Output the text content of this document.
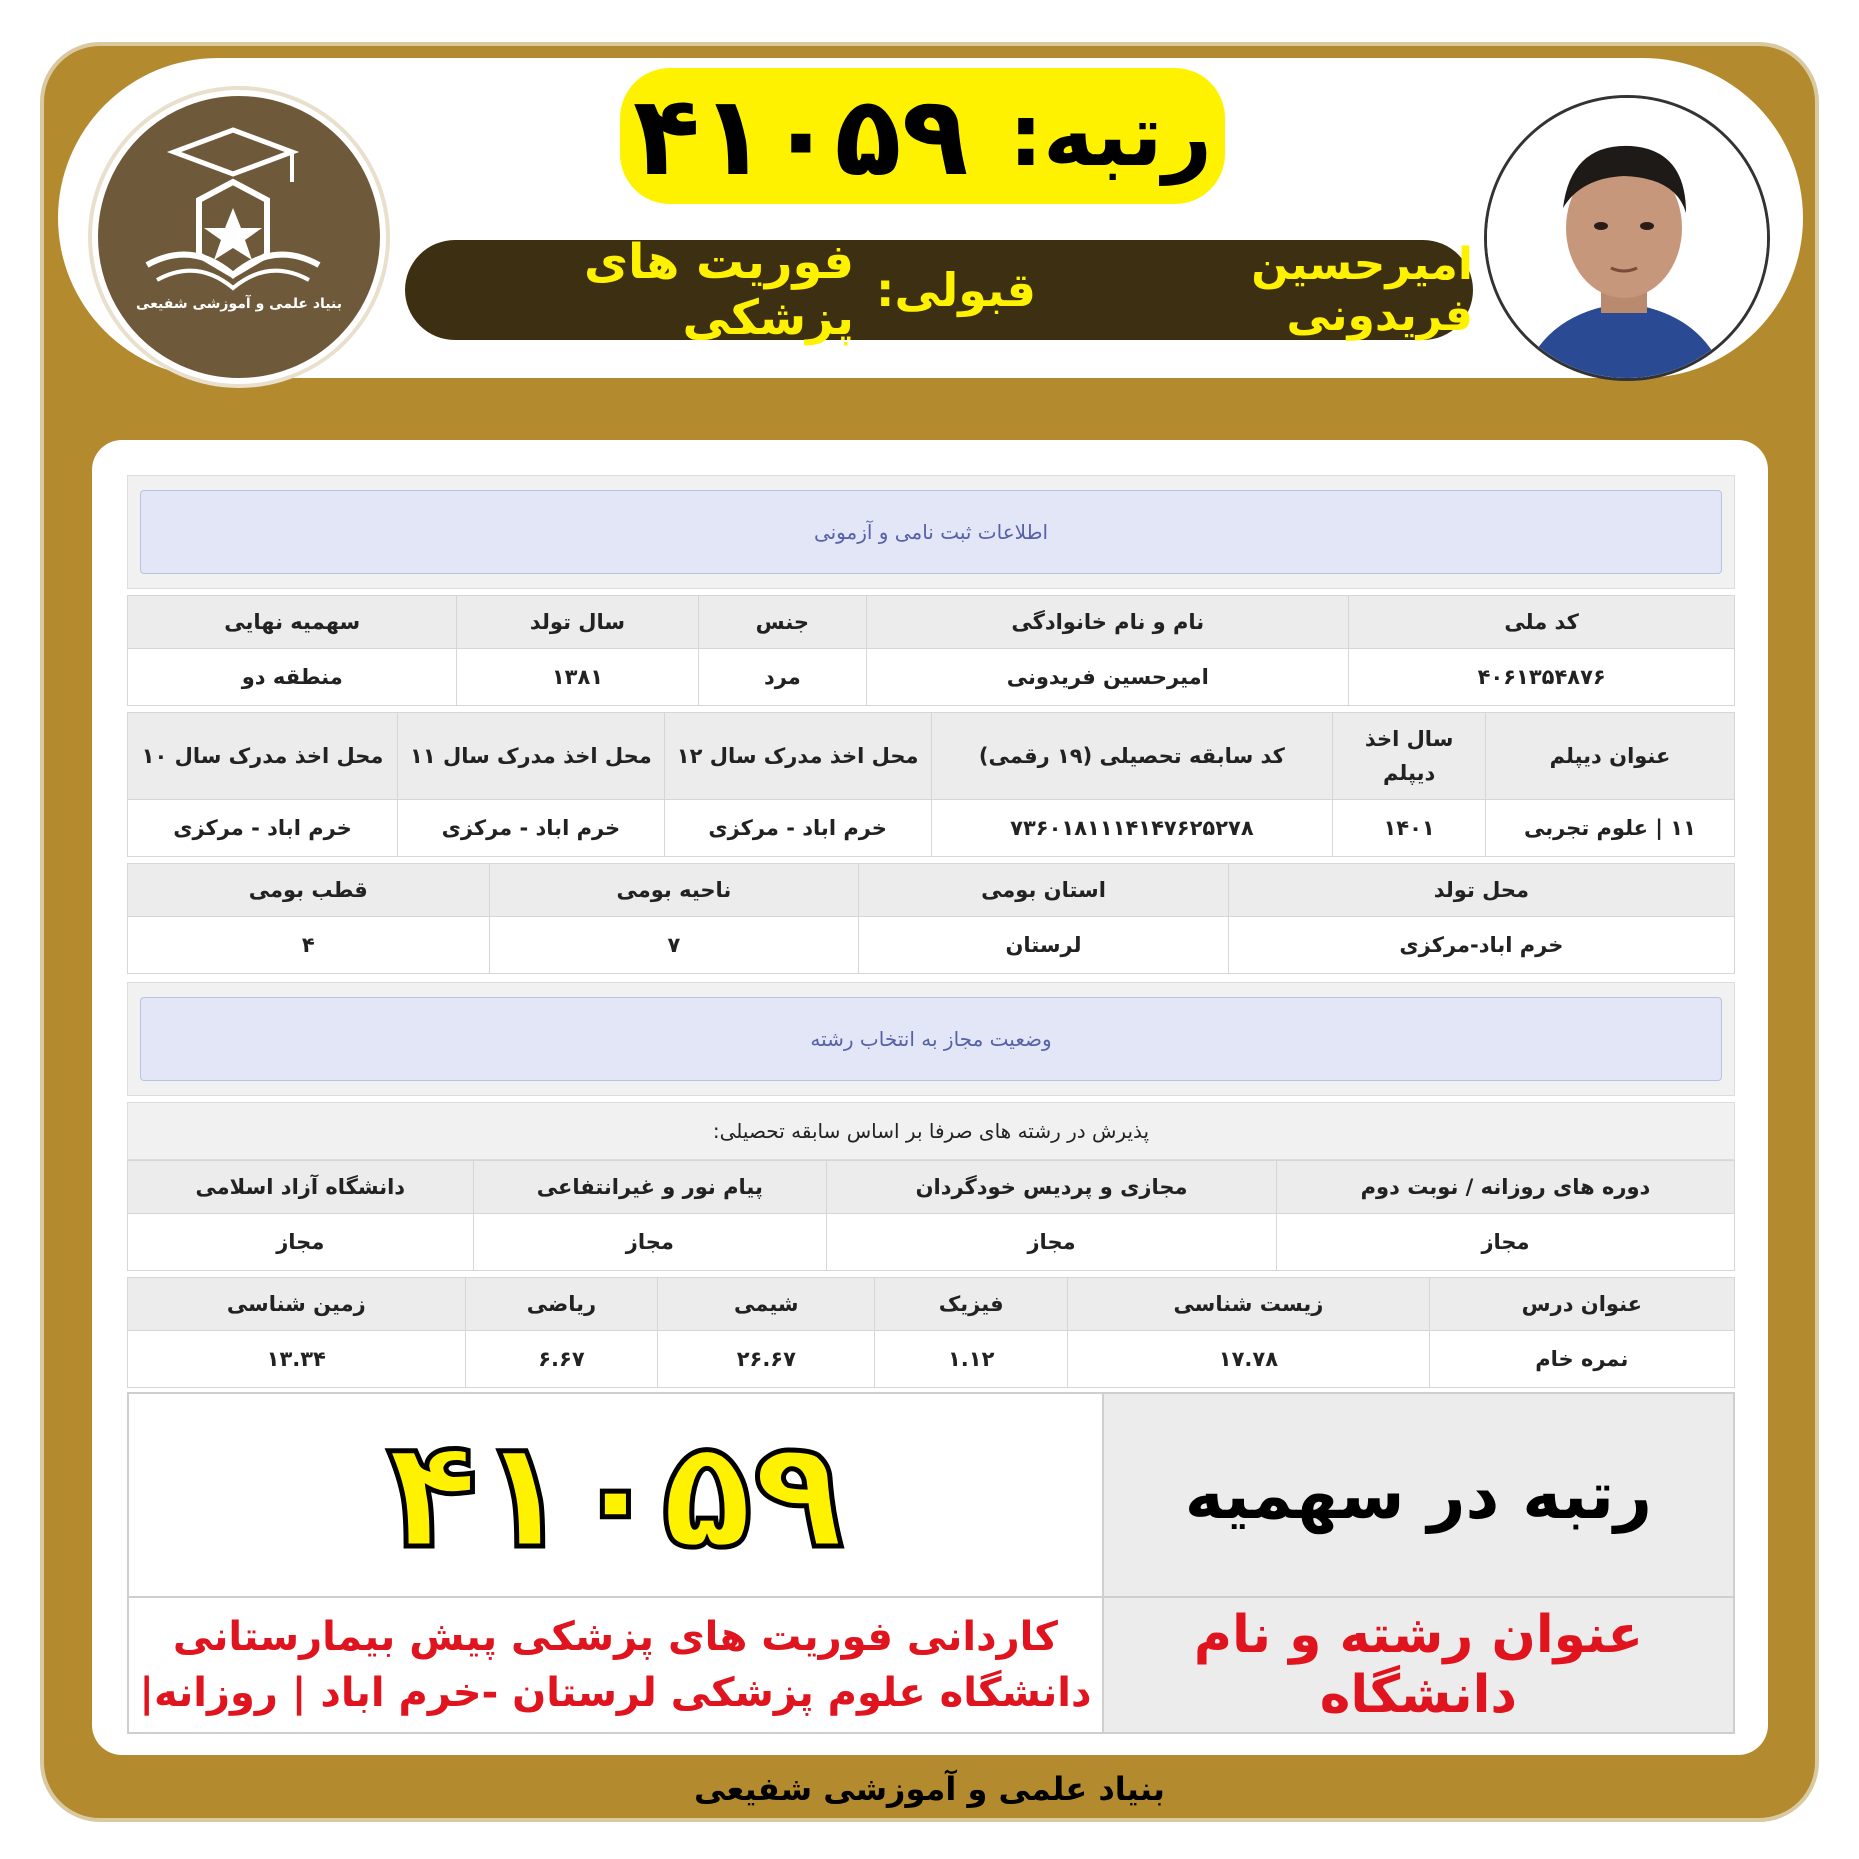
بنیاد علمی و آموزشی شفیعی
رتبه:
۴۱۰۵۹
امیرحسین فریدونی
قبولی:
فوریت های پزشکی
اطلاعات ثبت نامی و آزمونی
کد ملی	نام و نام خانوادگی	جنس	سال تولد	سهمیه نهایی
۴۰۶۱۳۵۴۸۷۶	امیرحسین فریدونی	مرد	۱۳۸۱	منطقه دو
عنوان دیپلم	سال اخذ دیپلم	کد سابقه تحصیلی (۱۹ رقمی)	محل اخذ مدرک سال ۱۲	محل اخذ مدرک سال ۱۱	محل اخذ مدرک سال ۱۰
۱۱ | علوم تجربی	۱۴۰۱	۷۳۶۰۱۸۱۱۱۴۱۴۷۶۲۵۲۷۸	خرم اباد - مرکزی	خرم اباد - مرکزی	خرم اباد - مرکزی
محل تولد	استان بومی	ناحیه بومی	قطب بومی
خرم اباد-مرکزی	لرستان	۷	۴
وضعیت مجاز به انتخاب رشته
پذیرش در رشته های صرفا بر اساس سابقه تحصیلی:
دوره های روزانه / نوبت دوم	مجازی و پردیس خودگردان	پیام نور و غیرانتفاعی	دانشگاه آزاد اسلامی
مجاز	مجاز	مجاز	مجاز
عنوان درس	زیست شناسی	فیزیک	شیمی	ریاضی	زمین شناسی
نمره خام	۱۷.۷۸	۱.۱۲	۲۶.۶۷	۶.۶۷	۱۳.۳۴
رتبه در سهمیه	۴۱۰۵۹
عنوان رشته و نام دانشگاه	کاردانی فوریت های پزشکی پیش بیمارستانی
دانشگاه علوم پزشکی لرستان -خرم اباد | روزانه|
بنیاد علمی و آموزشی شفیعی
